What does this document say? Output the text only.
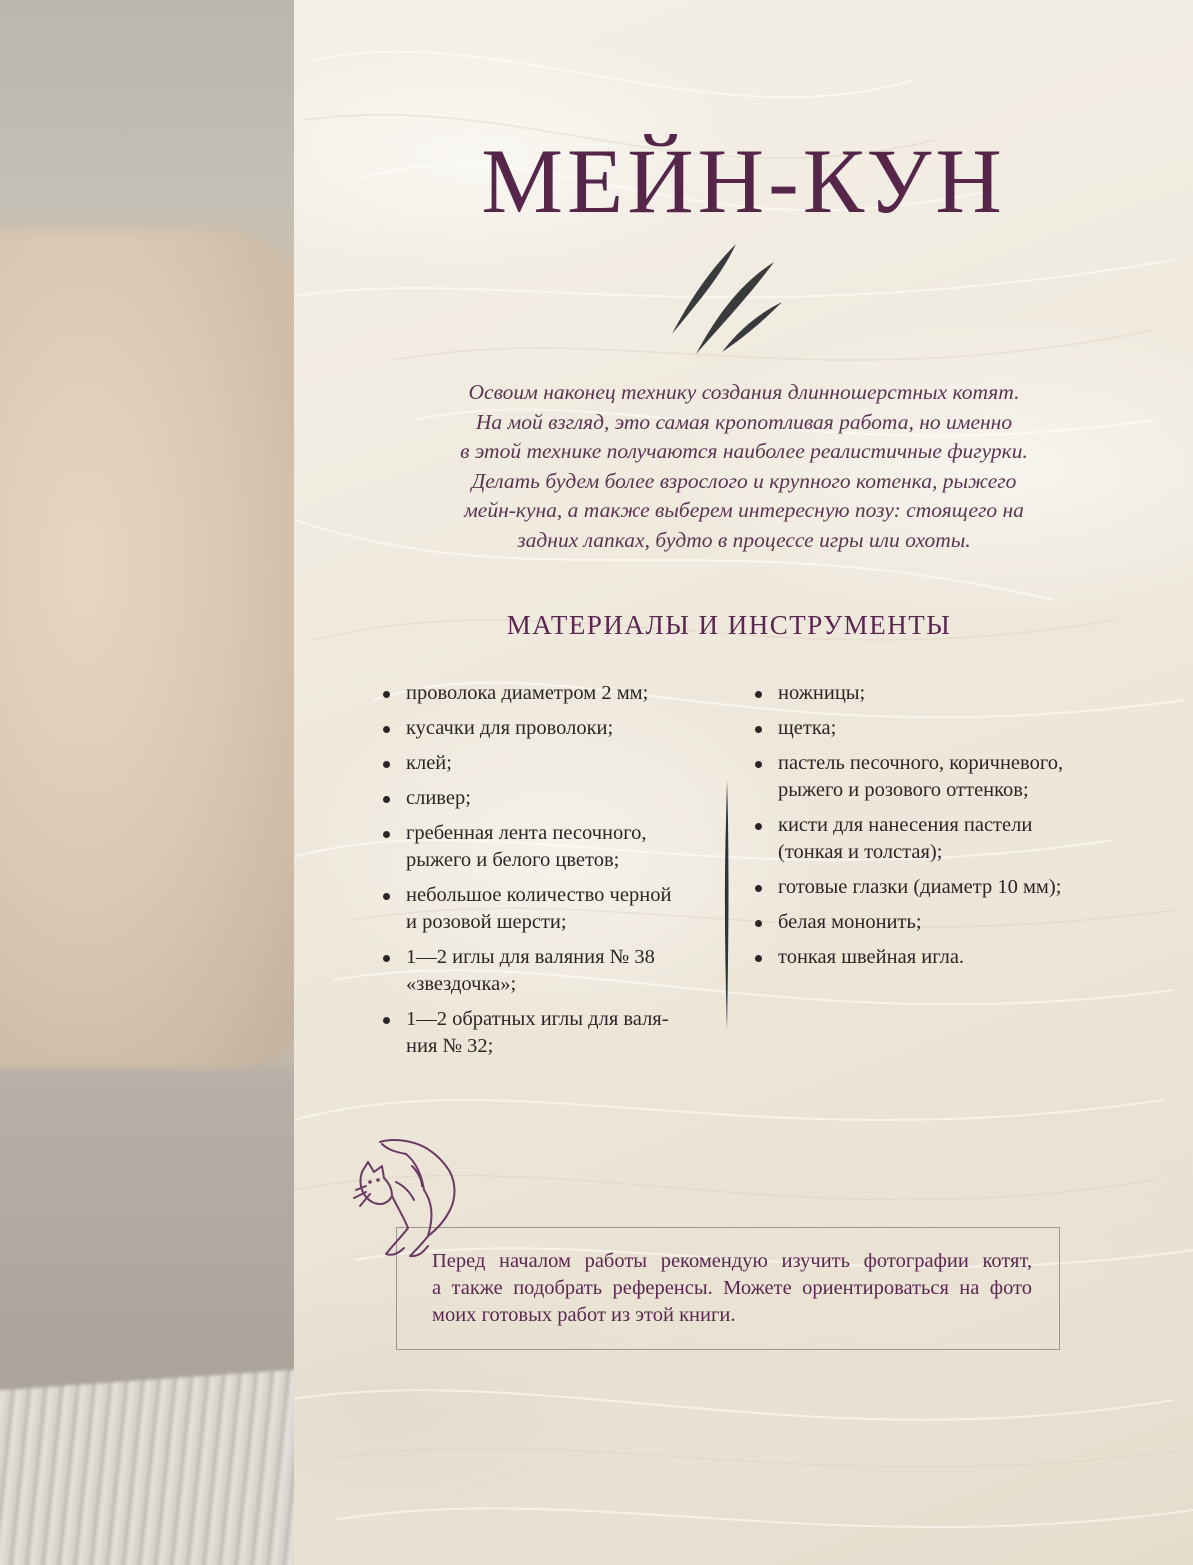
МЕЙН-КУН
Освоим наконец технику создания длинношерстных котят.
На мой взгляд, это самая кропотливая работа, но именно
в этой технике получаются наиболее реалистичные фигурки.
Делать будем более взрослого и крупного котенка, рыжего
мейн-куна, а также выберем интересную позу: стоящего на
задних лапках, будто в процессе игры или охоты.
МАТЕРИАЛЫ И ИНСТРУМЕНТЫ
проволока диаметром 2 мм;
кусачки для проволоки;
клей;
сливер;
гребенная лента песочного,
рыжего и белого цветов;
небольшое количество черной
и розовой шерсти;
1—2 иглы для валяния № 38
«звездочка»;
1—2 обратных иглы для валя-
ния № 32;
ножницы;
щетка;
пастель песочного, коричневого,
рыжего и розового оттенков;
кисти для нанесения пастели
(тонкая и толстая);
готовые глазки (диаметр 10 мм);
белая мононить;
тонкая швейная игла.
Перед началом работы рекомендую изучить фотографии котят,
а также подобрать референсы. Можете ориентироваться на фото
моих готовых работ из этой книги.
